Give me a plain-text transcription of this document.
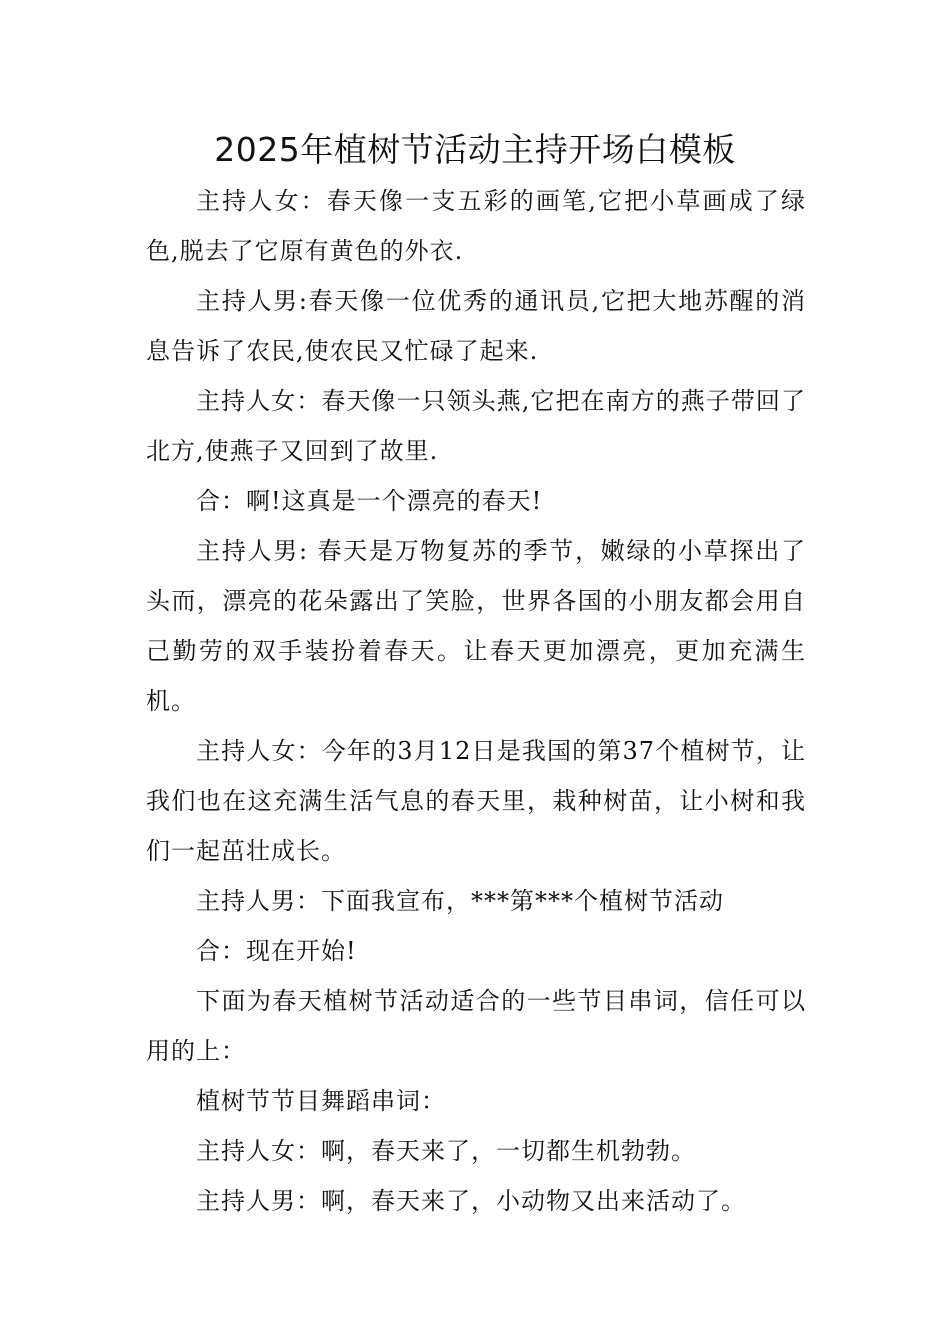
2025年植树节活动主持开场白模板

主持人女：春天像一支五彩的画笔,它把小草画成了绿色,脱去了它原有黄色的外衣.

主持人男:春天像一位优秀的通讯员,它把大地苏醒的消息告诉了农民,使农民又忙碌了起来.

主持人女：春天像一只领头燕,它把在南方的燕子带回了北方,使燕子又回到了故里.

合：啊!这真是一个漂亮的春天!

主持人男: 春天是万物复苏的季节，嫩绿的小草探出了头而，漂亮的花朵露出了笑脸，世界各国的小朋友都会用自己勤劳的双手装扮着春天。让春天更加漂亮，更加充满生机。

主持人女：今年的3月12日是我国的第37个植树节，让我们也在这充满生活气息的春天里，栽种树苗，让小树和我们一起茁壮成长。

主持人男：下面我宣布，***第***个植树节活动

合：现在开始!

下面为春天植树节活动适合的一些节目串词，信任可以用的上：

植树节节目舞蹈串词：

主持人女：啊，春天来了，一切都生机勃勃。

主持人男：啊，春天来了，小动物又出来活动了。
